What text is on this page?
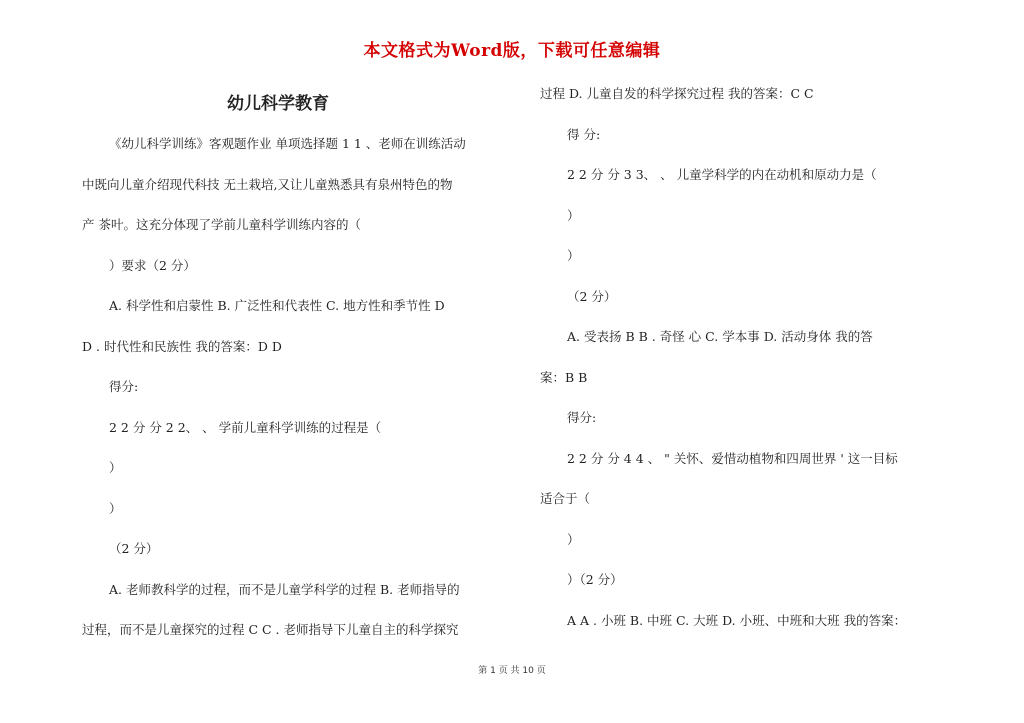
本文格式为Word版，下载可任意编辑
幼儿科学教育
《幼儿科学训练》客观题作业 单项选择题 1 1 、老师在训练活动
中既向儿童介绍现代科技 无土栽培,又让儿童熟悉具有泉州特色的物
产 茶叶。这充分体现了学前儿童科学训练内容的（
）要求（2 分）
A. 科学性和启蒙性 B. 广泛性和代表性 C. 地方性和季节性 D
D . 时代性和民族性 我的答案：D D
得分:
2 2 分 分 2 2、 、 学前儿童科学训练的过程是（
）
）
（2 分）
A. 老师教科学的过程，而不是儿童学科学的过程 B. 老师指导的
过程，而不是儿童探究的过程 C C . 老师指导下儿童自主的科学探究
过程 D. 儿童自发的科学探究过程 我的答案：C C
得 分:
2 2 分 分 3 3、 、 儿童学科学的内在动机和原动力是（
）
）
（2 分）
A. 受表扬 B B . 奇怪 心 C. 学本事 D. 活动身体 我的答
案：B B
得分:
2 2 分 分 4 4 、 " 关怀、爱惜动植物和四周世界 ' 这一目标
适合于（
）
）（2 分）
A A . 小班 B. 中班 C. 大班 D. 小班、中班和大班 我的答案：
第 1 页 共 10 页
